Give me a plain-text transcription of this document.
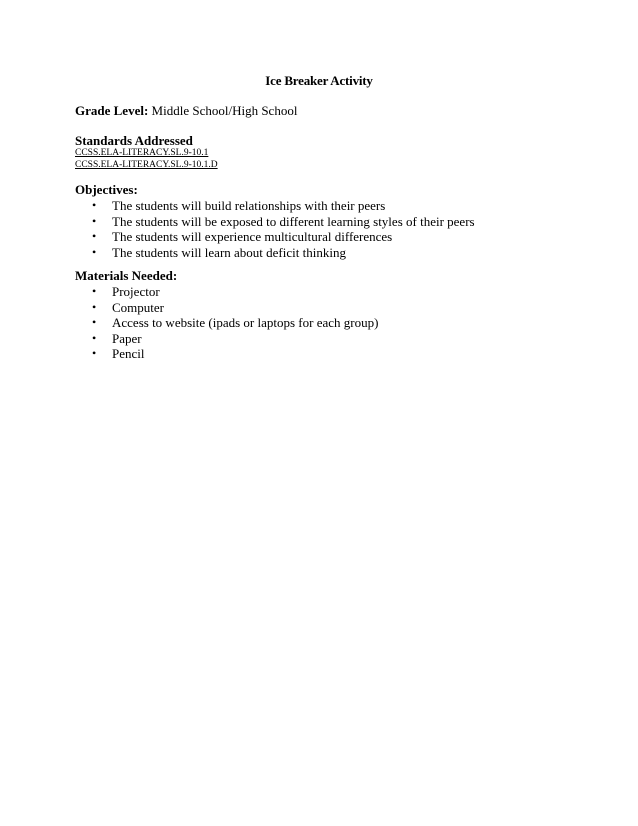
Ice Breaker Activity
Grade Level: Middle School/High School
Standards Addressed
CCSS.ELA-LITERACY.SL.9-10.1
CCSS.ELA-LITERACY.SL.9-10.1.D
Objectives:
• The students will build relationships with their peers
• The students will be exposed to different learning styles of their peers
• The students will experience multicultural differences
• The students will learn about deficit thinking
Materials Needed:
• Projector
• Computer
• Access to website (ipads or laptops for each group)
• Paper
• Pencil
